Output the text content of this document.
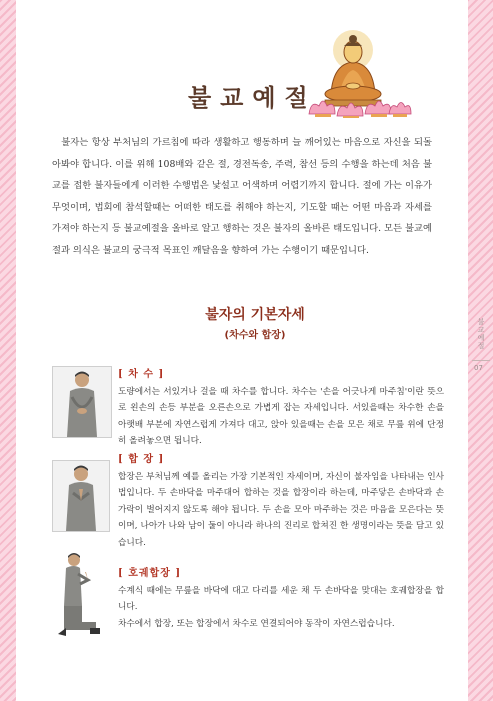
불교예절
07
불교예절

불자는 항상 부처님의 가르침에 따라 생활하고 행동하며 늘 깨어있는 마음으로 자신을 되돌아봐야 합니다. 이를 위해 108배와 같은 절, 경전독송, 주력, 참선 등의 수행을 하는데 처음 불교를 접한 불자들에게 이러한 수행법은 낯설고 어색하며 어렵기까지 합니다. 절에 가는 이유가 무엇이며, 법회에 참석할때는 어떠한 태도를 취해야 하는지, 기도할 때는 어떤 마음과 자세를 가져야 하는지 등 불교예절을 올바로 알고 행하는 것은 불자의 올바른 태도입니다. 모든 불교예절과 의식은 불교의 궁극적 목표인 깨달음을 향하여 가는 수행이기 때문입니다.

불자의 기본자세
(차수와 합장)
[ 차 수 ]
도량에서는 서있거나 걸을 때 차수를 합니다. 차수는 '손을 어긋나게 마주침'이란 뜻으로 왼손의 손등 부분을 오른손으로 가볍게 잡는 자세입니다. 서있을때는 차수한 손을 아랫배 부분에 자연스럽게 가져다 대고, 앉아 있을때는 손을 모은 채로 무릎 위에 단정히 올려놓으면 됩니다.
[ 합 장 ]
합장은 부처님께 예를 올리는 가장 기본적인 자세이며, 자신이 불자임을 나타내는 인사법입니다. 두 손바닥을 마주대어 합하는 것을 합장이라 하는데, 마주닿은 손바닥과 손가락이 벌어지지 않도록 해야 됩니다. 두 손을 모아 마주하는 것은 마음을 모은다는 뜻이며, 나아가 나와 남이 둘이 아니라 하나의 진리로 합쳐진 한 생명이라는 뜻을 담고 있습니다.
[ 호궤합장 ]
수계식 때에는 무릎을 바닥에 대고 다리를 세운 채 두 손바닥을 맞대는 호궤합장을 합니다.

차수에서 합장, 또는 합장에서 차수로 연결되어야 동작이 자연스럽습니다.
